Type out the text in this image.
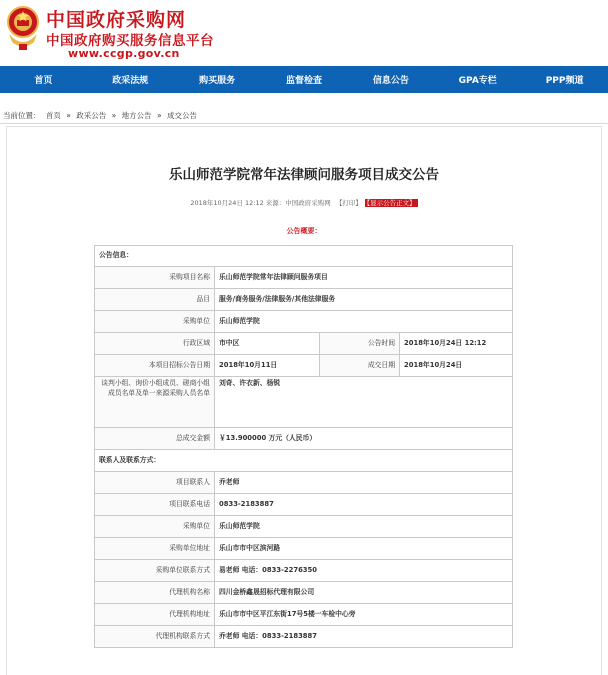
中国政府采购网
中国政府购买服务信息平台
www.ccgp.gov.cn
首页	政采法规	购买服务	监督检查	信息公告	GPA专栏	PPP频道
当前位置： 首页 » 政采公告 » 地方公告 » 成交公告
乐山师范学院常年法律顾问服务项目成交公告
2018年10月24日 12:12 来源：中国政府采购网 【打印】 【显示公告正文】
公告概要：
公告信息：			
采购项目名称	乐山师范学院常年法律顾问服务项目		
品目	服务/商务服务/法律服务/其他法律服务		
采购单位	乐山师范学院		
行政区域	市中区	公告时间	2018年10月24日 12:12
本项目招标公告日期	2018年10月11日	成交日期	2018年10月24日
谈判小组、询价小组成员、磋商小组成员名单及单一来源采购人员名单	刘奇、许衣新、杨锐		
总成交金额	￥13.900000 万元（人民币）		
联系人及联系方式：			
项目联系人	乔老师		
项目联系电话	0833-2183887		
采购单位	乐山师范学院		
采购单位地址	乐山市市中区滨河路		
采购单位联系方式	易老师 电话：0833-2276350		
代理机构名称	四川金桥鑫晟招标代理有限公司		
代理机构地址	乐山市市中区平江东街17号5楼一车检中心旁		
代理机构联系方式	乔老师 电话：0833-2183887		
